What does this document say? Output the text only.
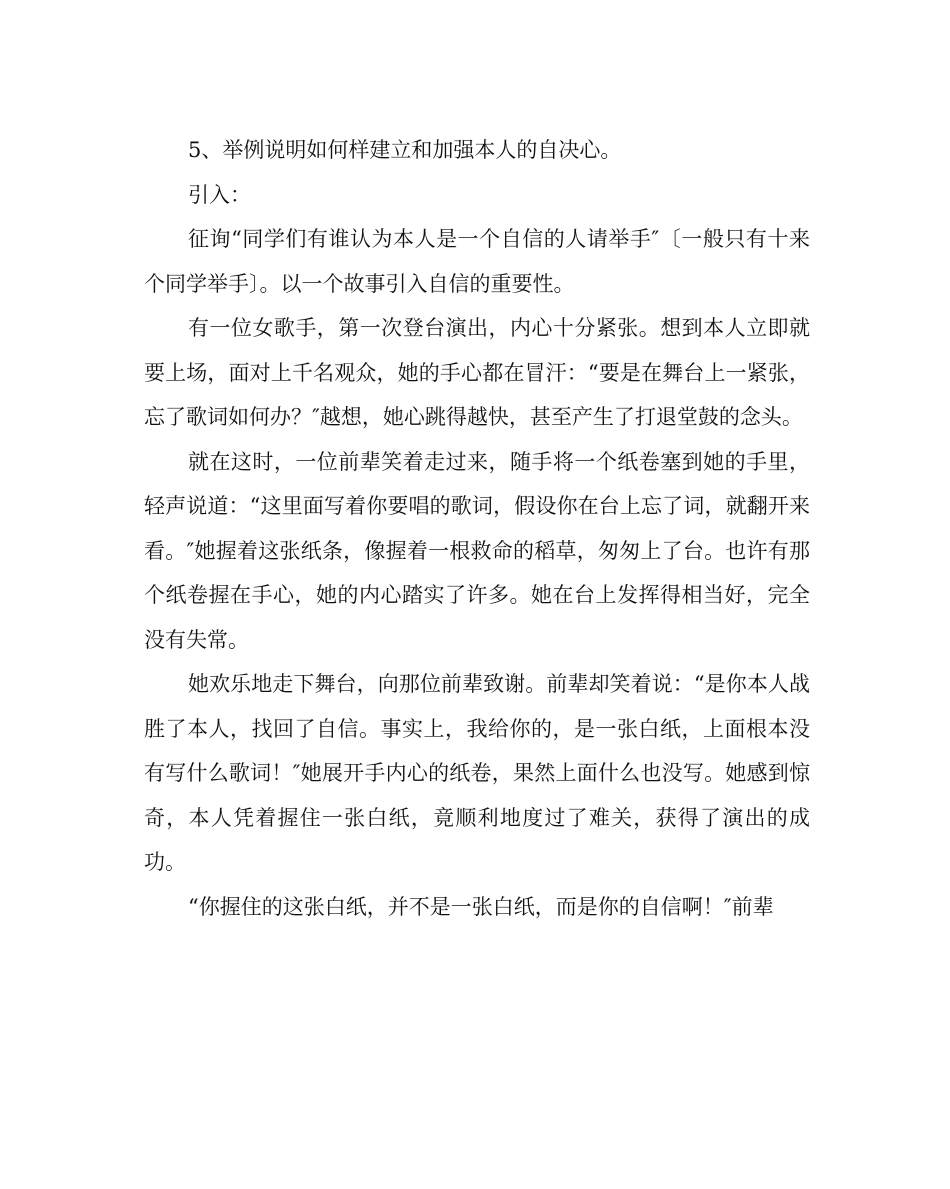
5、举例说明如何样建立和加强本人的自决心。

引入：

征询“同学们有谁认为本人是一个自信的人请举手″〔一般只有十来个同学举手〕。以一个故事引入自信的重要性。

有一位女歌手，第一次登台演出，内心十分紧张。想到本人立即就要上场，面对上千名观众，她的手心都在冒汗：“要是在舞台上一紧张，忘了歌词如何办？″越想，她心跳得越快，甚至产生了打退堂鼓的念头。

就在这时，一位前辈笑着走过来，随手将一个纸卷塞到她的手里，轻声说道：“这里面写着你要唱的歌词，假设你在台上忘了词，就翻开来看。″她握着这张纸条，像握着一根救命的稻草，匆匆上了台。也许有那个纸卷握在手心，她的内心踏实了许多。她在台上发挥得相当好，完全没有失常。

她欢乐地走下舞台，向那位前辈致谢。前辈却笑着说：“是你本人战胜了本人，找回了自信。事实上，我给你的，是一张白纸，上面根本没有写什么歌词！″她展开手内心的纸卷，果然上面什么也没写。她感到惊奇，本人凭着握住一张白纸，竟顺利地度过了难关，获得了演出的成功。

“你握住的这张白纸，并不是一张白纸，而是你的自信啊！″前辈
